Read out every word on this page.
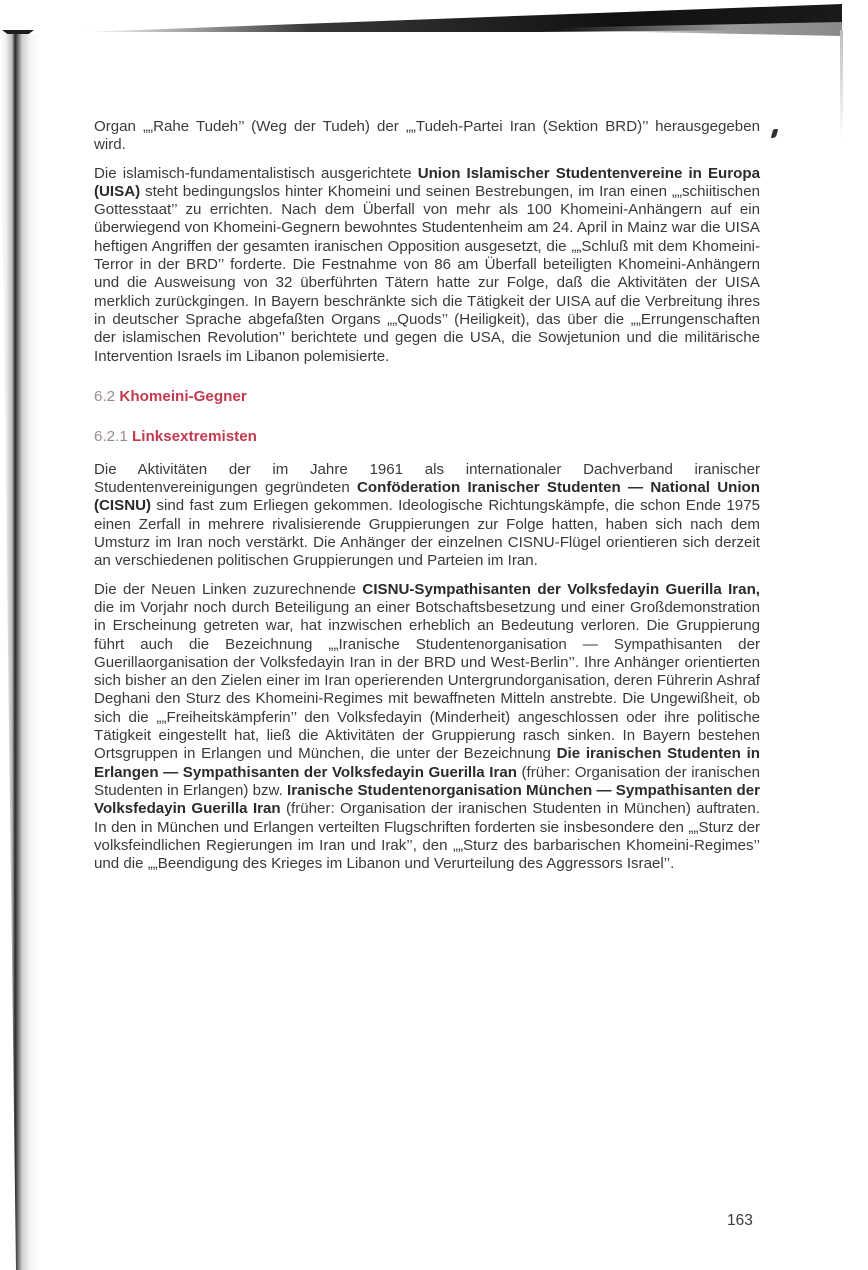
Organ „„Rahe Tudeh’’ (Weg der Tudeh) der „„Tudeh-Partei Iran (Sektion BRD)’’ herausgegeben wird.

Die islamisch-fundamentalistisch ausgerichtete Union Islamischer Studentenvereine in Europa (UISA) steht bedingungslos hinter Khomeini und seinen Bestrebungen, im Iran einen „„schiitischen Gottesstaat’’ zu errichten. Nach dem Überfall von mehr als 100 Khomeini-Anhängern auf ein überwiegend von Khomeini-Gegnern bewohntes Studentenheim am 24. April in Mainz war die UISA heftigen Angriffen der gesamten iranischen Opposition ausgesetzt, die „„Schluß mit dem Khomeini-Terror in der BRD’’ forderte. Die Festnahme von 86 am Überfall beteiligten Khomeini-Anhängern und die Ausweisung von 32 überführten Tätern hatte zur Folge, daß die Aktivitäten der UISA merklich zurückgingen. In Bayern beschränkte sich die Tätigkeit der UISA auf die Verbreitung ihres in deutscher Sprache abgefaßten Organs „„Quods’’ (Heiligkeit), das über die „„Errungenschaften der islamischen Revolution’’ berichtete und gegen die USA, die Sowjetunion und die militärische Intervention Israels im Libanon polemisierte.

6.2 Khomeini-Gegner
6.2.1 Linksextremisten

Die Aktivitäten der im Jahre 1961 als internationaler Dachverband iranischer Studentenvereinigungen gegründeten Conföderation Iranischer Studenten — National Union (CISNU) sind fast zum Erliegen gekommen. Ideologische Richtungskämpfe, die schon Ende 1975 einen Zerfall in mehrere rivalisierende Gruppierungen zur Folge hatten, haben sich nach dem Umsturz im Iran noch verstärkt. Die Anhänger der einzelnen CISNU-Flügel orientieren sich derzeit an verschiedenen politischen Gruppierungen und Parteien im Iran.

Die der Neuen Linken zuzurechnende CISNU-Sympathisanten der Volksfedayin Guerilla Iran, die im Vorjahr noch durch Beteiligung an einer Botschaftsbesetzung und einer Großdemonstration in Erscheinung getreten war, hat inzwischen erheblich an Bedeutung verloren. Die Gruppierung führt auch die Bezeichnung „„Iranische Studentenorganisation — Sympathisanten der Guerillaorganisation der Volksfedayin Iran in der BRD und West-Berlin’’. Ihre Anhänger orientierten sich bisher an den Zielen einer im Iran operierenden Untergrundorganisation, deren Führerin Ashraf Deghani den Sturz des Khomeini-Regimes mit bewaffneten Mitteln anstrebte. Die Ungewißheit, ob sich die „„Freiheitskämpferin’’ den Volksfedayin (Minderheit) angeschlossen oder ihre politische Tätigkeit eingestellt hat, ließ die Aktivitäten der Gruppierung rasch sinken. In Bayern bestehen Ortsgruppen in Erlangen und München, die unter der Bezeichnung Die iranischen Studenten in Erlangen — Sympathisanten der Volksfedayin Guerilla Iran (früher: Organisation der iranischen Studenten in Erlangen) bzw. Iranische Studentenorganisation München — Sympathisanten der Volksfedayin Guerilla Iran (früher: Organisation der iranischen Studenten in München) auftraten. In den in München und Erlangen verteilten Flugschriften forderten sie insbesondere den „„Sturz der volksfeindlichen Regierungen im Iran und Irak’’, den „„Sturz des barbarischen Khomeini-Regimes’’ und die „„Beendigung des Krieges im Libanon und Verurteilung des Aggressors Israel’’.

163
